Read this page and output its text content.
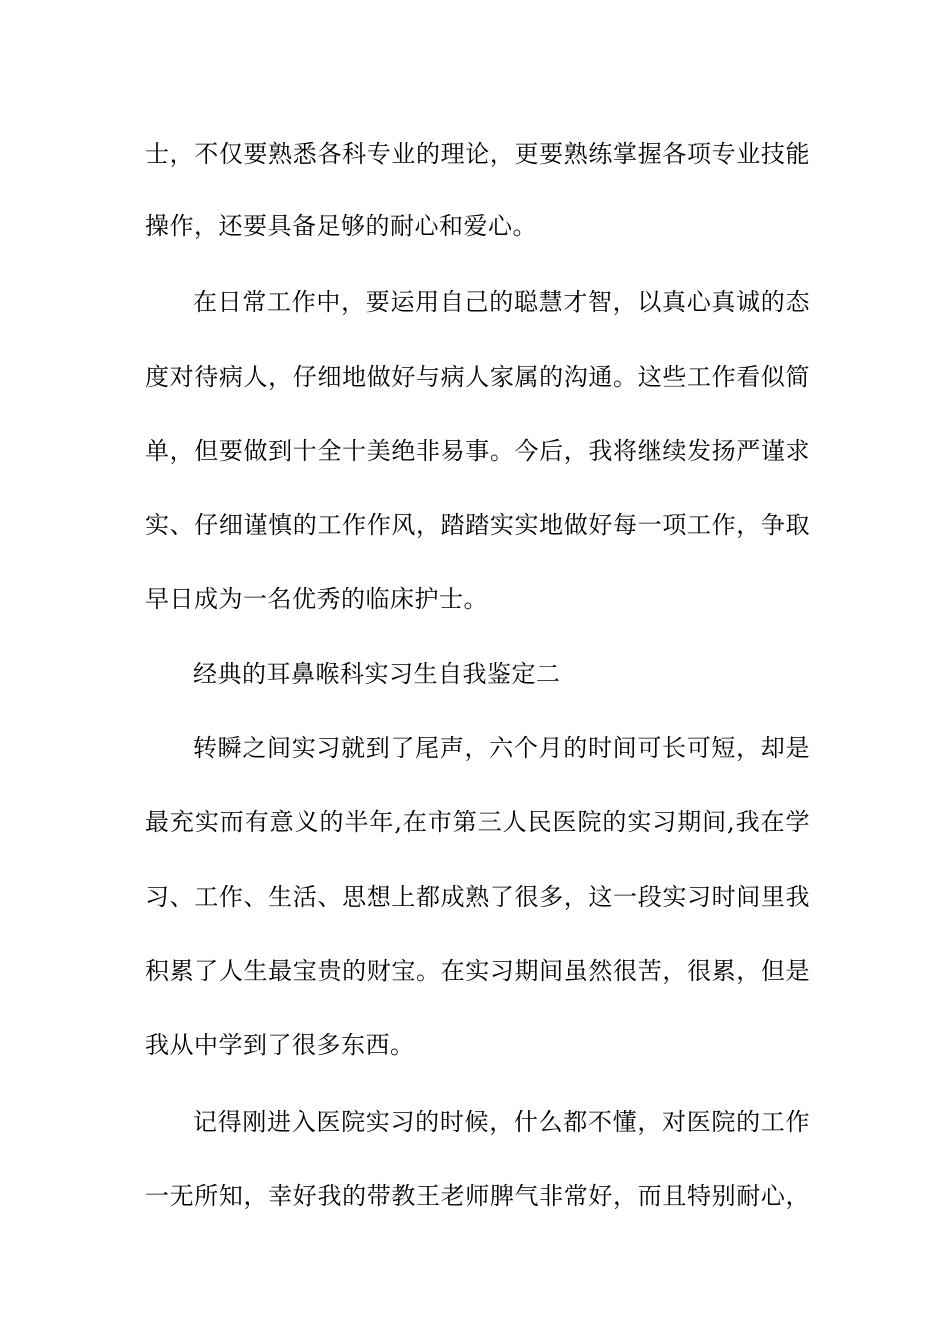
士，不仅要熟悉各科专业的理论，更要熟练掌握各项专业技能
操作，还要具备足够的耐心和爱心。
在日常工作中，要运用自己的聪慧才智，以真心真诚的态
度对待病人，仔细地做好与病人家属的沟通。这些工作看似简
单，但要做到十全十美绝非易事。今后，我将继续发扬严谨求
实、仔细谨慎的工作作风，踏踏实实地做好每一项工作，争取
早日成为一名优秀的临床护士。
经典的耳鼻喉科实习生自我鉴定二
转瞬之间实习就到了尾声，六个月的时间可长可短，却是
最充实而有意义的半年,在市第三人民医院的实习期间,我在学
习、工作、生活、思想上都成熟了很多，这一段实习时间里我
积累了人生最宝贵的财宝。在实习期间虽然很苦，很累，但是
我从中学到了很多东西。
记得刚进入医院实习的时候，什么都不懂，对医院的工作
一无所知，幸好我的带教王老师脾气非常好，而且特别耐心，
